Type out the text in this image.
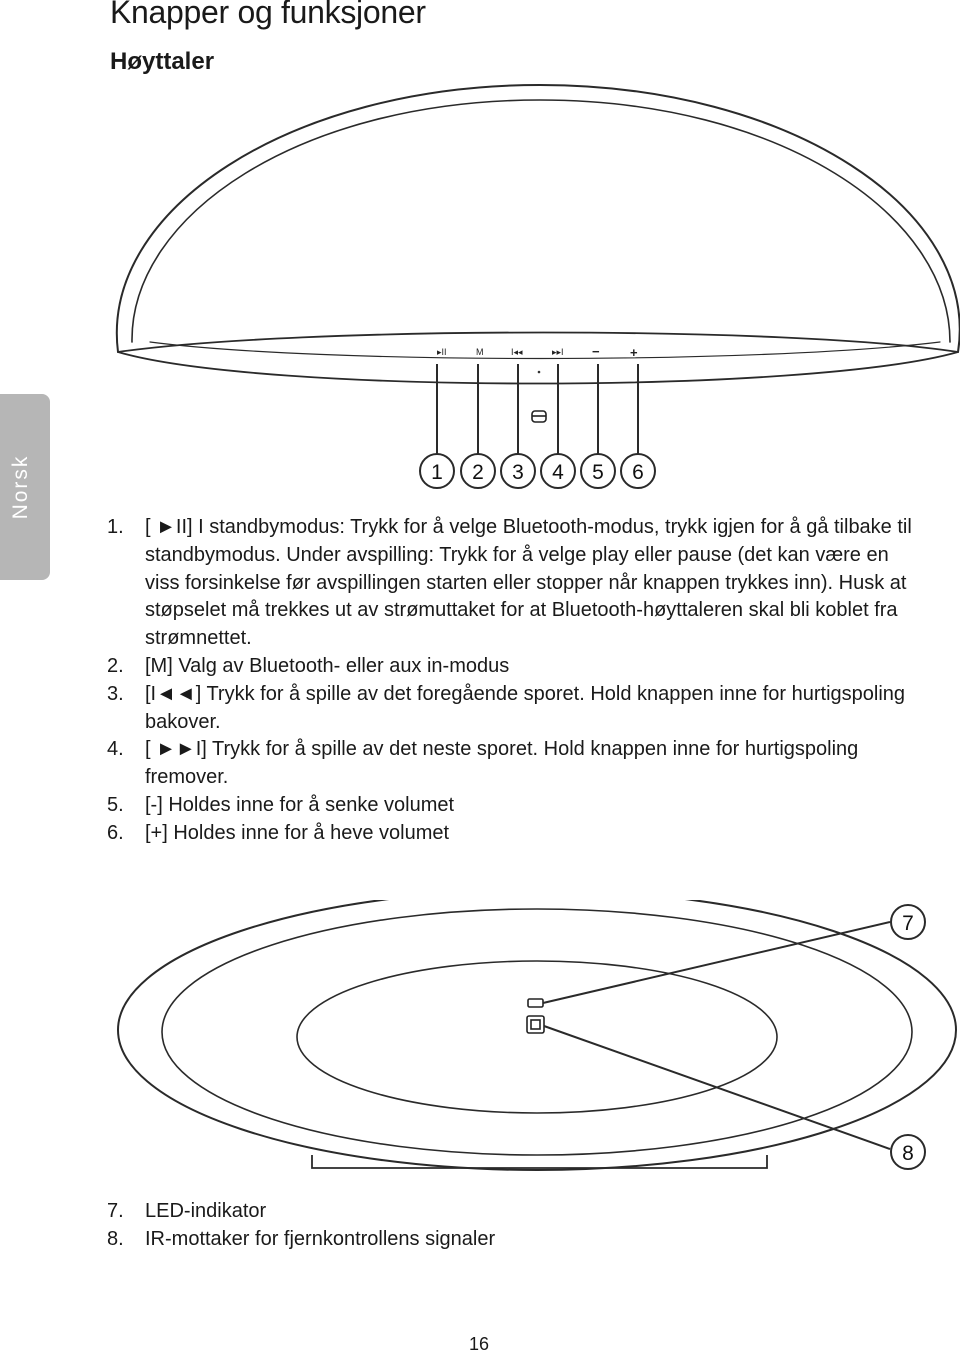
Knapper og funksjoner
Høyttaler
Norsk
▸II	M	I◂◂	▸▸I − +
1 2 3 4 5 6
1. [ ►II] I standbymodus: Trykk for å velge Bluetooth-modus, trykk igjen for å gå tilbake til standbymodus. Under avspilling: Trykk for å velge play eller pause (det kan være en viss forsinkelse før avspillingen starten eller stopper når knappen trykkes inn). Husk at støpselet må trekkes ut av strømuttaket for at Bluetooth-høyttaleren skal bli koblet fra strømnettet.
2. [M] Valg av Bluetooth- eller aux in-modus
3. [I◄◄] Trykk for å spille av det foregående sporet. Hold knappen inne for hurtigspoling bakover.
4. [ ►►I] Trykk for å spille av det neste sporet. Hold knappen inne for hurtigspoling fremover.
5. [-] Holdes inne for å senke volumet
6. [+] Holdes inne for å heve volumet
7
8
7. LED-indikator
8. IR-mottaker for fjernkontrollens signaler
16
